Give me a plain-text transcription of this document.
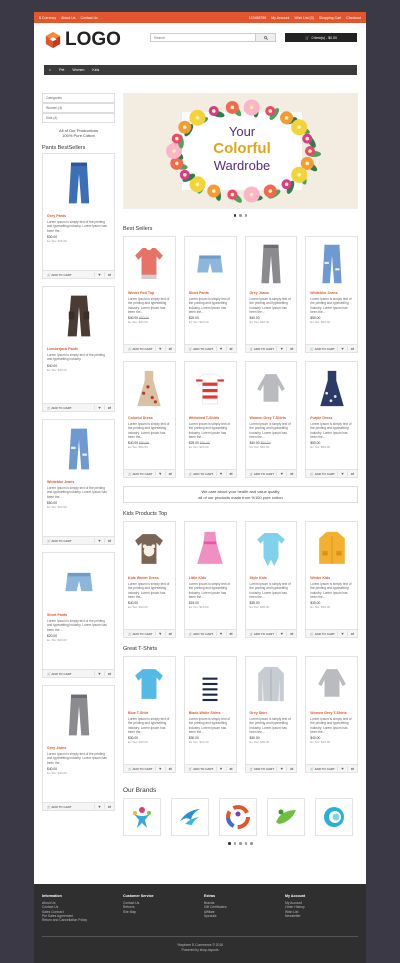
$ Currency About Us Contact Us	123456789 My Account Wish List (0) Shopping Cart Checkout
LOGO
Search	🛒 0 item(s) - $0.00
⌂ Pet Women Kids
Categories
Women (4)
Kids (4)
All of Our Productions
100% Pure Cotton
Pants BestSellers
Grey Pants
Lorem Ipsum is simply text of the printing and typesetting industry. Lorem Ipsum has been the...
$30.00
Ex Tax: $25.00
🛒 ADD TO CART	♥	⇄
Lumberjack Pants
Lorem Ipsum is simply text of the printing and typesetting industry.
$40.00
Ex Tax: $40.00
🛒 ADD TO CART	♥	⇄
Whitebbe Jeans
Lorem Ipsum is simply text of the printing and typesetting industry. Lorem Ipsum has been the...
$50.00
Ex Tax: $50.00
🛒 ADD TO CART	♥	⇄
Short Pants
Lorem Ipsum is simply text of the printing and typesetting industry. Lorem Ipsum has been the...
$20.00
Ex Tax: $20.00
🛒 ADD TO CART	♥	⇄
Grey Jeans
Lorem Ipsum is simply text of the printing and typesetting industry. Lorem Ipsum has been the...
$40.00
Ex Tax: $40.00
🛒 ADD TO CART	♥	⇄
Your
Colorful
Wardrobe
Best Sellers
Winter Red Top
Lorem Ipsum is simply text of the printing and typesetting industry. Lorem Ipsum has been the...
$40.00 $50.00
Ex Tax: $40.00
🛒 ADD TO CART	♥	⇄
Short Pants
Lorem Ipsum is simply text of the printing and typesetting industry. Lorem Ipsum has been the...
$20.00
Ex Tax: $20.00
🛒 ADD TO CART	♥	⇄
Grey Jeans
Lorem Ipsum is simply text of the printing and typesetting industry. Lorem Ipsum has been the...
$40.00
Ex Tax: $40.00
🛒 ADD TO CART	♥	⇄
Whitebbe Jeans
Lorem Ipsum is simply text of the printing and typesetting industry. Lorem Ipsum has been the...
$50.00
Ex Tax: $50.00
🛒 ADD TO CART	♥	⇄
Colorful Dress
Lorem Ipsum is simply text of the printing and typesetting industry. Lorem Ipsum has been the...
$40.00 $50.00
Ex Tax: $50.00
🛒 ADD TO CART	♥	⇄
Whitebed T-Shirts
Lorem Ipsum is simply text of the printing and typesetting industry. Lorem Ipsum has been the...
$25.00 $30.00
Ex Tax: $25.00
🛒 ADD TO CART	♥	⇄
Women Grey T-Shirts
Lorem Ipsum is simply text of the printing and typesetting industry. Lorem Ipsum has been the...
$40.00 $50.00
Ex Tax: $40.00
🛒 ADD TO CART	♥	⇄
Purple Dress
Lorem Ipsum is simply text of the printing and typesetting industry. Lorem Ipsum has been the...
$50.00
Ex Tax: $50.00
🛒 ADD TO CART	♥	⇄
We care about your health and value quality
all of our products made from %100 pure cotton
Kids Products Top
Kids Winter Dress
Lorem Ipsum is simply text of the printing and typesetting industry. Lorem Ipsum has been the...
$40.00
Ex Tax: $40.00
🛒 ADD TO CART	♥	⇄
Little Kids
Lorem Ipsum is simply text of the printing and typesetting industry. Lorem Ipsum has been the...
$15.00
Ex Tax: $15.00
🛒 ADD TO CART	♥	⇄
Style Kids
Lorem Ipsum is simply text of the printing and typesetting industry. Lorem Ipsum has been the...
$35.00
Ex Tax: $35.00
🛒 ADD TO CART	♥	⇄
Winter Kids
Lorem Ipsum is simply text of the printing and typesetting industry. Lorem Ipsum has been the...
$30.00
Ex Tax: $30.00
🛒 ADD TO CART	♥	⇄
Great T-Shirts
Blue T-Shirt
Lorem Ipsum is simply text of the printing and typesetting industry. Lorem Ipsum has been the...
$30.00
Ex Tax: $30.00
🛒 ADD TO CART	♥	⇄
Black-White Shirts
Lorem Ipsum is simply text of the printing and typesetting industry. Lorem Ipsum has been the...
$30.00
Ex Tax: $30.00
🛒 ADD TO CART	♥	⇄
Grey Shirt
Lorem Ipsum is simply text of the printing and typesetting industry. Lorem Ipsum has been the...
$30.00
Ex Tax: $30.00
🛒 ADD TO CART	♥	⇄
Women Grey T-Shirts
Lorem Ipsum is simply text of the printing and typesetting industry. Lorem Ipsum has been the...
$40.00
Ex Tax: $40.00
🛒 ADD TO CART	♥	⇄
Our Brands
Information
About Us
Contact Us
Sales Contract
Pre Sales Agreement
Return and Cancellation Policy
Customer Service
Contact Us
Returns
Site Map
Extras
Brands
Gift Certificates
Affiliate
Specials
My Account
My Account
Order History
Wish List
Newsletter
Ybsphere E-Commerce © 2018
Powered by shop-layouts
